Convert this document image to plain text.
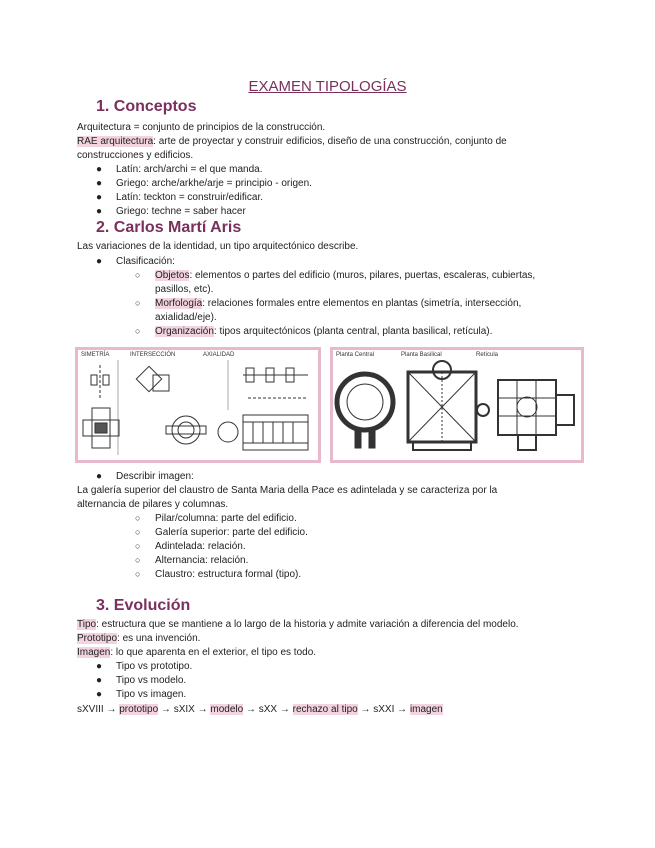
EXAMEN TIPOLOGÍAS
1. Conceptos
Arquitectura = conjunto de principios de la construcción.
RAE arquitectura: arte de proyectar y construir edificios, diseño de una construcción, conjunto de
construcciones y edificios.
● Latín: arch/archi = el que manda.
● Griego: arche/arkhe/arje = principio - origen.
● Latín: teckton = construir/edificar.
● Griego: techne = saber hacer
2. Carlos Martí Aris
Las variaciones de la identidad, un tipo arquitectónico describe.
● Clasificación:
○ Objetos: elementos o partes del edificio (muros, pilares, puertas, escaleras, cubiertas,
pasillos, etc).
○ Morfología: relaciones formales entre elementos en plantas (simetría, intersección,
axialidad/eje).
○ Organización: tipos arquitectónicos (planta central, planta basilical, retícula).
SIMETRÍA	INTERSECCIÓN	AXIALIDAD	Planta Central	Planta Basilical	Retícula
● Describir imagen:
La galería superior del claustro de Santa Maria della Pace es adintelada y se caracteriza por la
alternancia de pilares y columnas.
○ Pilar/columna: parte del edificio.
○ Galería superior: parte del edificio.
○ Adintelada: relación.
○ Alternancia: relación.
○ Claustro: estructura formal (tipo).
3. Evolución
Tipo: estructura que se mantiene a lo largo de la historia y admite variación a diferencia del modelo.
Prototipo: es una invención.
Imagen: lo que aparenta en el exterior, el tipo es todo.
● Tipo vs prototipo.
● Tipo vs modelo.
● Tipo vs imagen.
sXVIII → prototipo → sXIX → modelo → sXX → rechazo al tipo → sXXI → imagen
